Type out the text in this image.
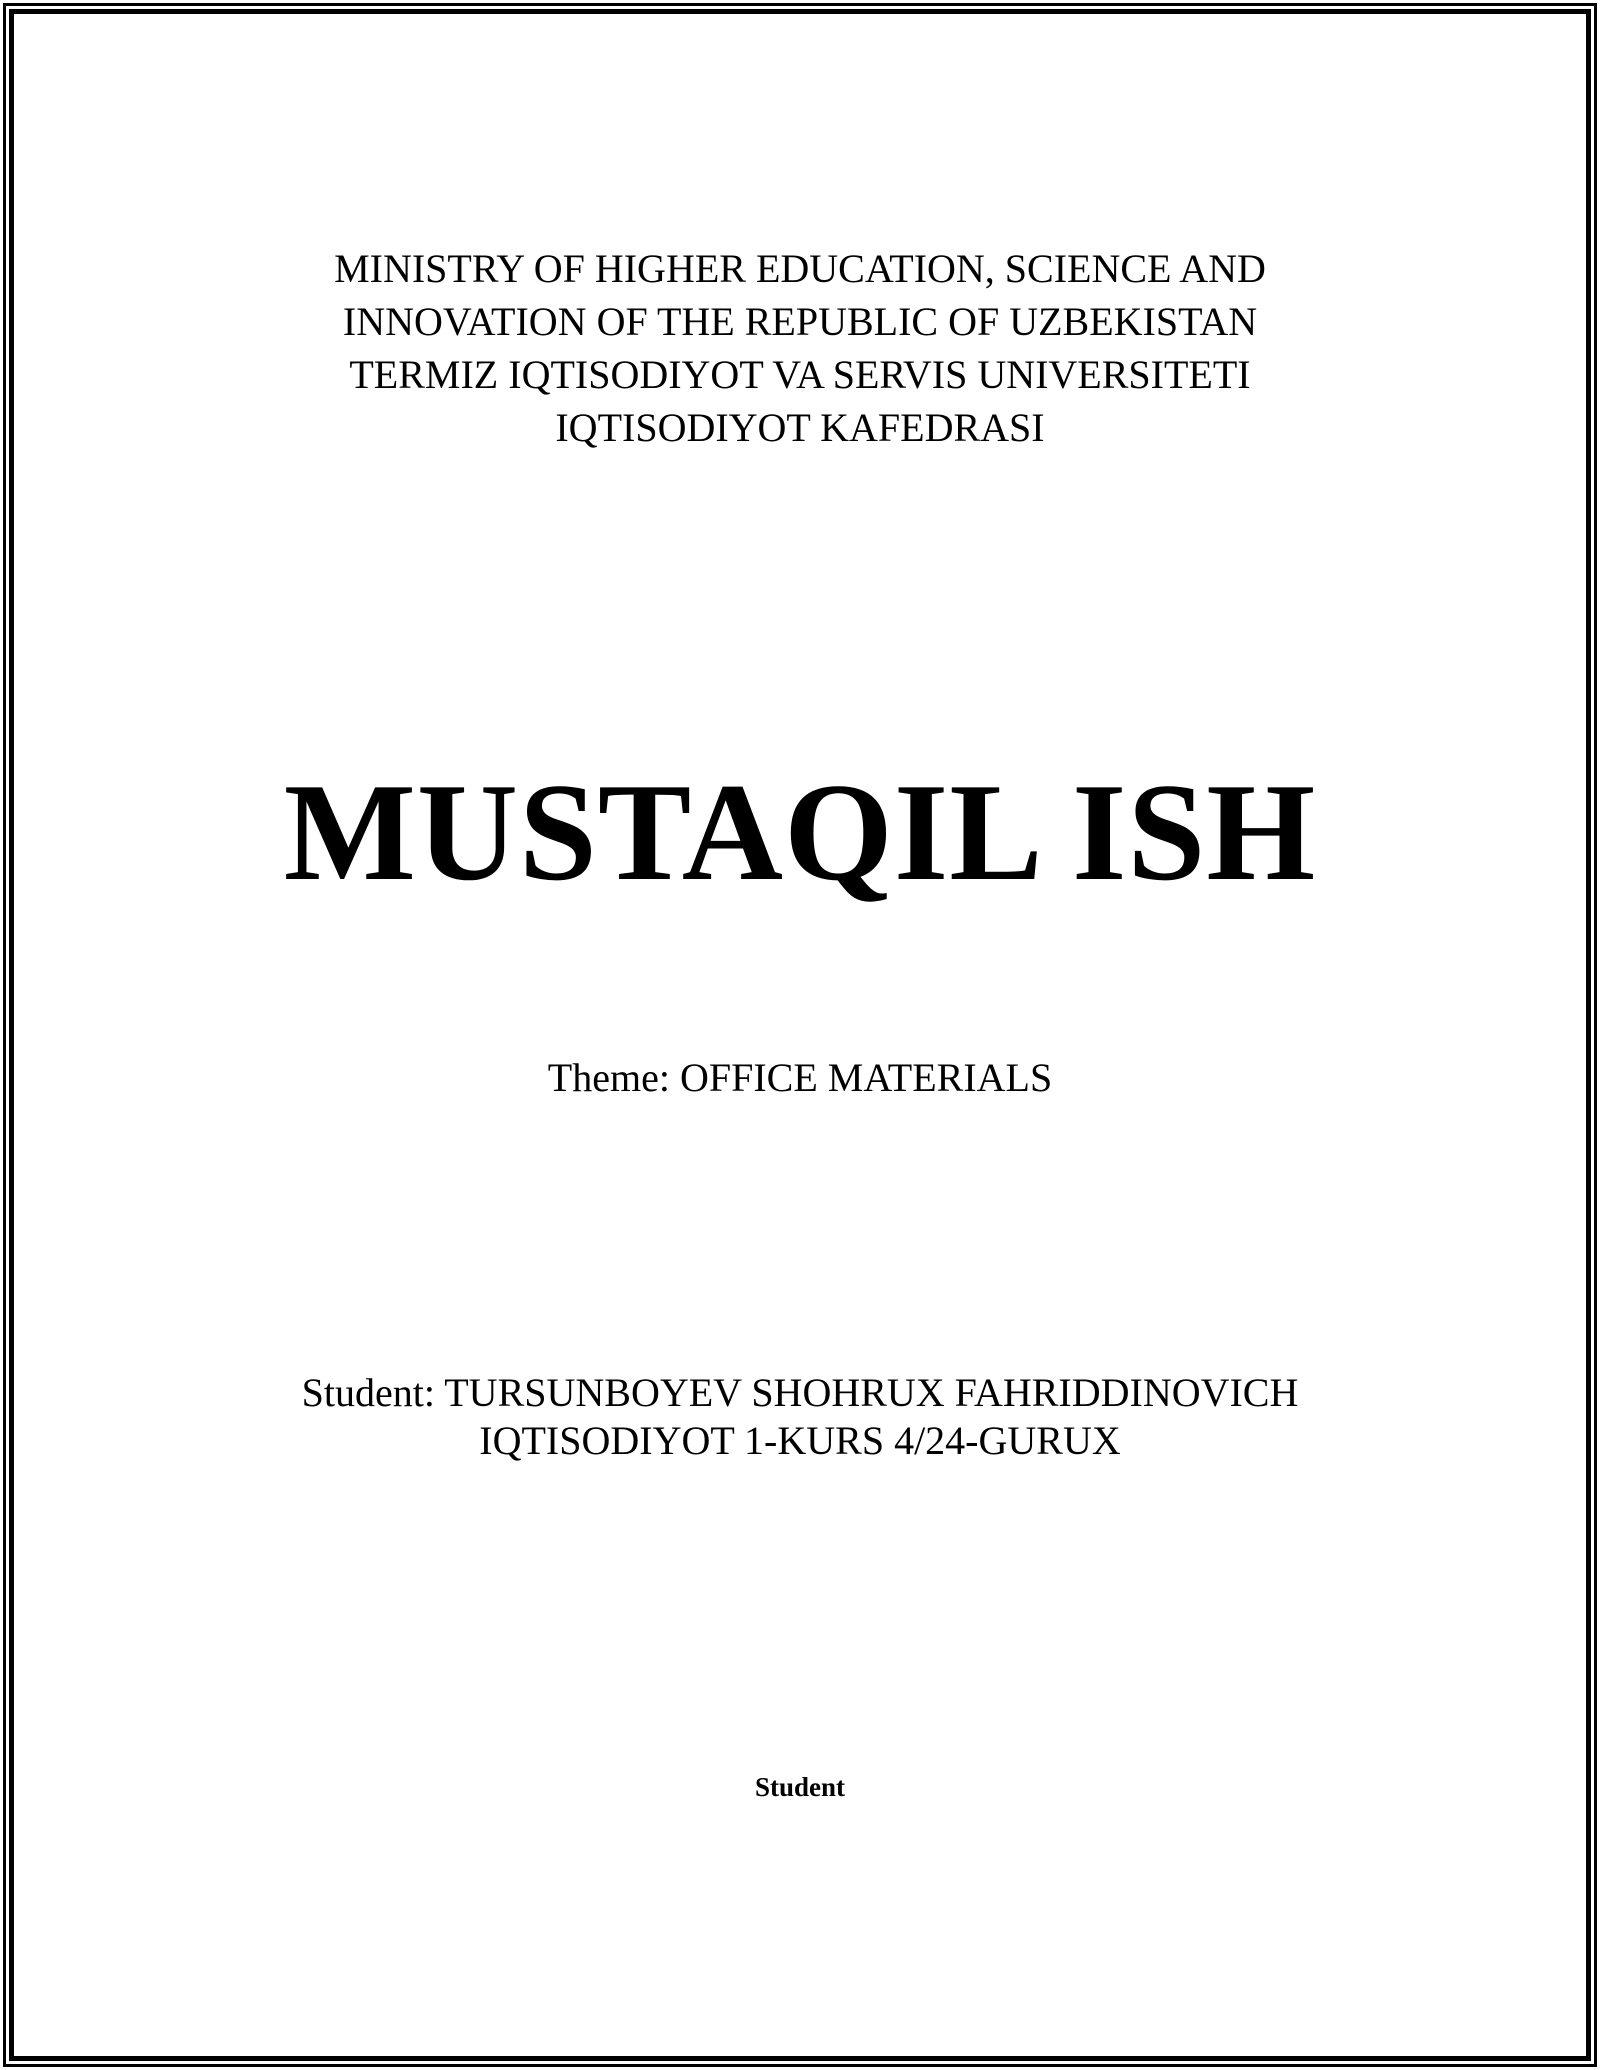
MINISTRY OF HIGHER EDUCATION, SCIENCE AND
INNOVATION OF THE REPUBLIC OF UZBEKISTAN
TERMIZ IQTISODIYOT VA SERVIS UNIVERSITETI
IQTISODIYOT KAFEDRASI
MUSTAQIL ISH
Theme: OFFICE MATERIALS
Student: TURSUNBOYEV SHOHRUX FAHRIDDINOVICH
IQTISODIYOT 1-KURS 4/24-GURUX
Student
